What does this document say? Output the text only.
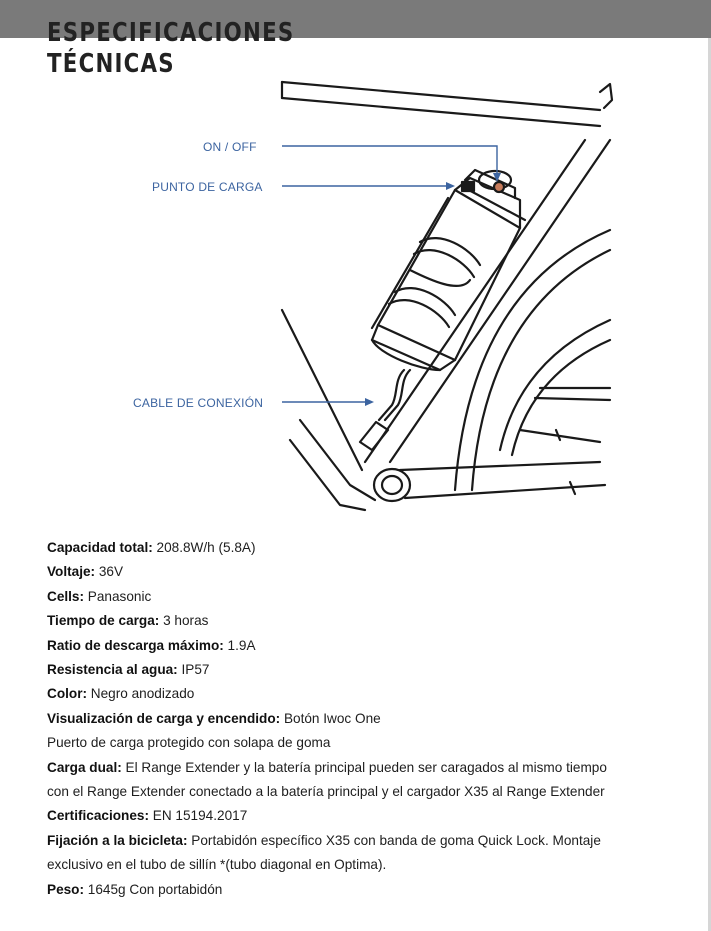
ESPECIFICACIONES
TÉCNICAS
ON / OFF
PUNTO DE CARGA
CABLE DE CONEXIÓN
Capacidad total: 208.8W/h (5.8A)
Voltaje: 36V
Cells: Panasonic
Tiempo de carga: 3 horas
Ratio de descarga máximo: 1.9A
Resistencia al agua: IP57
Color: Negro anodizado
Visualización de carga y encendido: Botón Iwoc One
Puerto de carga protegido con solapa de goma
Carga dual: El Range Extender y la batería principal pueden ser caragados al mismo tiempo
con el Range Extender conectado a la batería principal y el cargador X35 al Range Extender
Certificaciones: EN 15194.2017
Fijación a la bicicleta: Portabidón específico X35 con banda de goma Quick Lock. Montaje
exclusivo en el tubo de sillín *(tubo diagonal en Optima).
Peso: 1645g Con portabidón
